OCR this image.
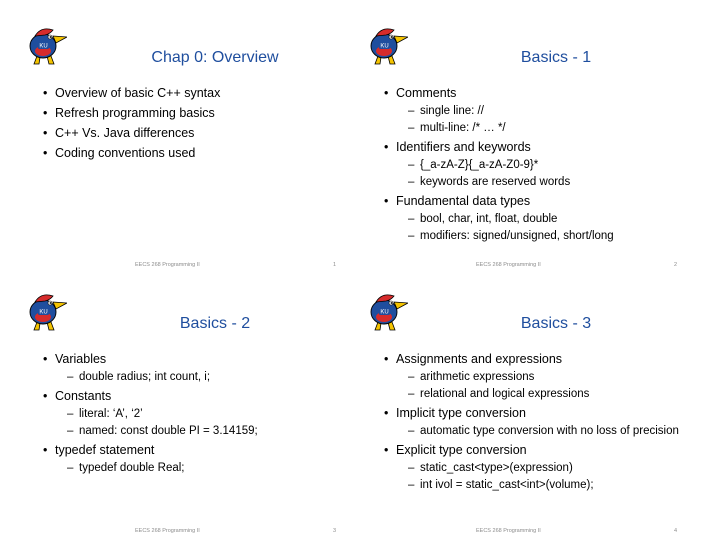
KU
Chap 0: Overview
• Overview of basic C++ syntax
• Refresh programming basics
• C++ Vs. Java differences
• Coding conventions used
EECS 268 Programming II	1
KU
Basics - 1
• Comments
– single line: //
– multi-line: /* … */
• Identifiers and keywords
– {_a-zA-Z}{_a-zA-Z0-9}*
– keywords are reserved words
• Fundamental data types
– bool, char, int, float, double
– modifiers: signed/unsigned, short/long
EECS 268 Programming II	2
KU
Basics - 2
• Variables
– double radius; int count, i;
• Constants
– literal: ‘A’, ‘2’
– named: const double PI = 3.14159;
• typedef statement
– typedef double Real;
EECS 268 Programming II	3
KU
Basics - 3
• Assignments and expressions
– arithmetic expressions
– relational and logical expressions
• Implicit type conversion
– automatic type conversion with no loss of precision
• Explicit type conversion
– static_cast<type>(expression)
– int ivol = static_cast<int>(volume);
EECS 268 Programming II	4
